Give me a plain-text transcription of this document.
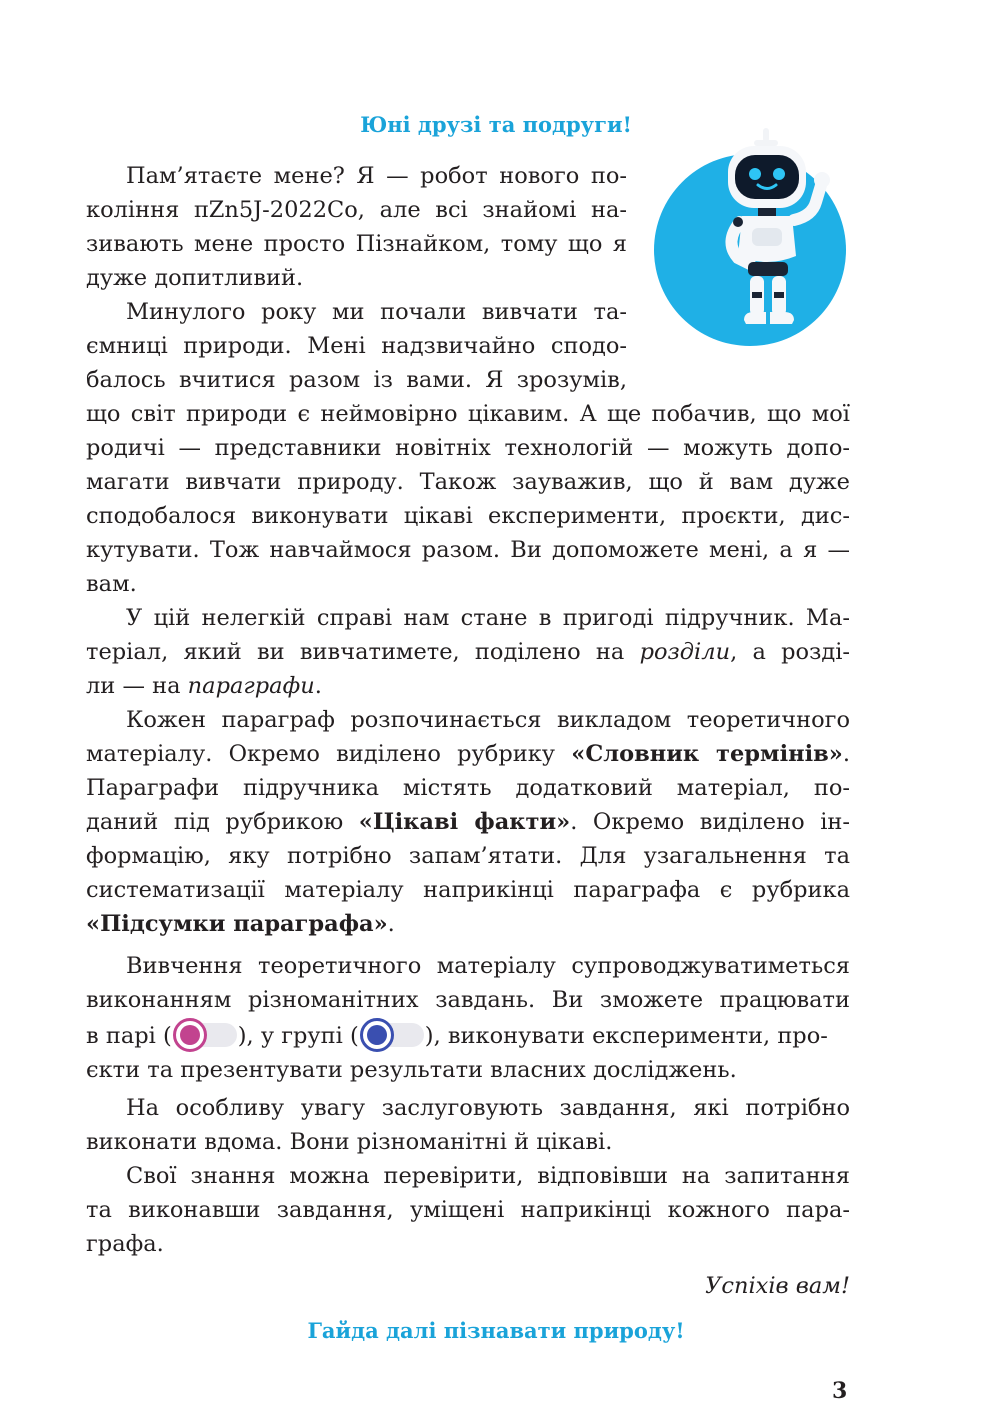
Юні друзі та подруги!
Пам’ятаєте мене? Я — робот нового по-
коління πZn5J-2022Co, але всі знайомі на-
зивають мене просто Пізнайком, тому що я
дуже допитливий.
Минулого року ми почали вивчати та-
ємниці природи. Мені надзвичайно сподо-
балось вчитися разом із вами. Я зрозумів,
що світ природи є неймовірно цікавим. А ще побачив, що мої
родичі — представники новітніх технологій — можуть допо-
магати вивчати природу. Також зауважив, що й вам дуже
сподобалося виконувати цікаві експерименти, проєкти, дис-
кутувати. Тож навчаймося разом. Ви допоможете мені, а я —
вам.
У цій нелегкій справі нам стане в пригоді підручник. Ма-
теріал, який ви вивчатимете, поділено на розділи, а розді-
ли — на параграфи.
Кожен параграф розпочинається викладом теоретичного
матеріалу. Окремо виділено рубрику «Словник термінів».
Параграфи підручника містять додатковий матеріал, по-
даний під рубрикою «Цікаві факти». Окремо виділено ін-
формацію, яку потрібно запам’ятати. Для узагальнення та
систематизації матеріалу наприкінці параграфа є рубрика
«Підсумки параграфа».
Вивчення теоретичного матеріалу супроводжуватиметься
виконанням різноманітних завдань. Ви зможете працювати
в парі (	), у групі (	), виконувати експерименти, про-
єкти та презентувати результати власних досліджень.
На особливу увагу заслуговують завдання, які потрібно
виконати вдома. Вони різноманітні й цікаві.
Свої знання можна перевірити, відповівши на запитання
та виконавши завдання, уміщені наприкінці кожного пара-
графа.
Успіхів вам!
Гайда далі пізнавати природу!
3
